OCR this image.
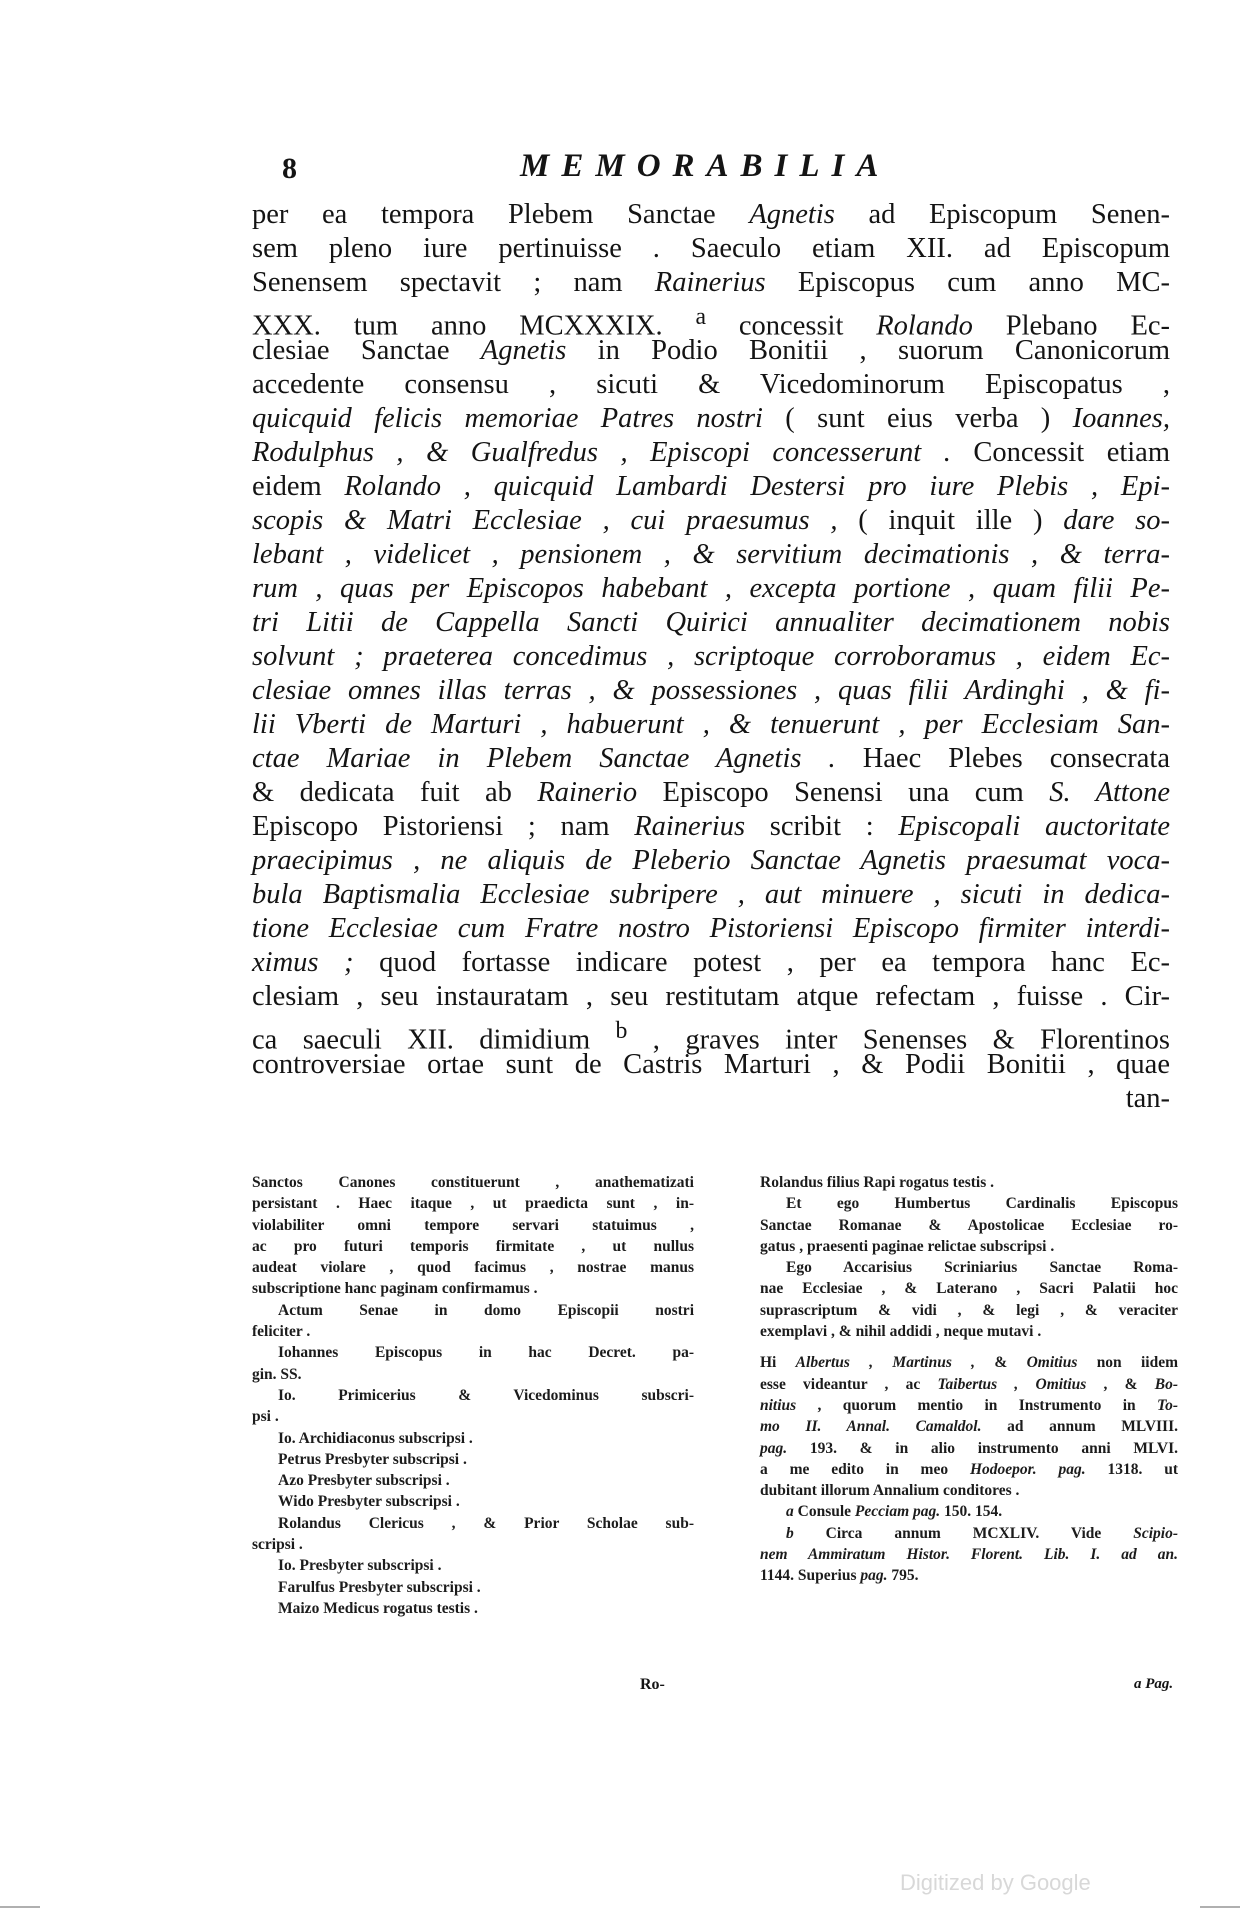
8	MEMORABILIA
per ea tempora Plebem Sanctae Agnetis ad Episcopum Senen-
sem pleno iure pertinuisse . Saeculo etiam XII. ad Episcopum
Senensem spectavit ; nam Rainerius Episcopus cum anno MC-
XXX. tum anno MCXXXIX. $^a$ concessit Rolando Plebano Ec-
clesiae Sanctae Agnetis in Podio Bonitii , suorum Canonicorum
accedente consensu , sicuti & Vicedominorum Episcopatus ,
quicquid felicis memoriae Patres nostri ( sunt eius verba ) Ioannes,
Rodulphus , & Gualfredus , Episcopi concesserunt . Concessit etiam
eidem Rolando , quicquid Lambardi Destersi pro iure Plebis , Epi-
scopis & Matri Ecclesiae , cui praesumus , ( inquit ille ) dare so-
lebant , videlicet , pensionem , & servitium decimationis , & terra-
rum , quas per Episcopos habebant , excepta portione , quam filii Pe-
tri Litii de Cappella Sancti Quirici annualiter decimationem nobis
solvunt ; praeterea concedimus , scriptoque corroboramus , eidem Ec-
clesiae omnes illas terras , & possessiones , quas filii Ardinghi , & fi-
lii Vberti de Marturi , habuerunt , & tenuerunt , per Ecclesiam San-
ctae Mariae in Plebem Sanctae Agnetis . Haec Plebes consecrata
& dedicata fuit ab Rainerio Episcopo Senensi una cum S. Attone
Episcopo Pistoriensi ; nam Rainerius scribit : Episcopali auctoritate
praecipimus , ne aliquis de Pleberio Sanctae Agnetis praesumat voca-
bula Baptismalia Ecclesiae subripere , aut minuere , sicuti in dedica-
tione Ecclesiae cum Fratre nostro Pistoriensi Episcopo firmiter interdi-
ximus ; quod fortasse indicare potest , per ea tempora hanc Ec-
clesiam , seu instauratam , seu restitutam atque refectam , fuisse . Cir-
ca saeculi XII. dimidium $^b$ , graves inter Senenses & Florentinos
controversiae ortae sunt de Castris Marturi , & Podii Bonitii , quae
tan-
Sanctos Canones constituerunt , anathematizati
persistant . Haec itaque , ut praedicta sunt , in-
violabiliter omni tempore servari statuimus ,
ac pro futuri temporis firmitate , ut nullus
audeat violare , quod facimus , nostrae manus
subscriptione hanc paginam confirmamus .
Actum Senae in domo Episcopii nostri
feliciter .
Iohannes Episcopus in hac Decret. pa-
gin. SS.
Io. Primicerius & Vicedominus subscri-
psi .
Io. Archidiaconus subscripsi .
Petrus Presbyter subscripsi .
Azo Presbyter subscripsi .
Wido Presbyter subscripsi .
Rolandus Clericus , & Prior Scholae sub-
scripsi .
Io. Presbyter subscripsi .
Farulfus Presbyter subscripsi .
Maizo Medicus rogatus testis .
Rolandus filius Rapi rogatus testis .
Et ego Humbertus Cardinalis Episcopus
Sanctae Romanae & Apostolicae Ecclesiae ro-
gatus , praesenti paginae relictae subscripsi .
Ego Accarisius Scriniarius Sanctae Roma-
nae Ecclesiae , & Laterano , Sacri Palatii hoc
suprascriptum & vidi , & legi , & veraciter
exemplavi , & nihil addidi , neque mutavi .
Hi Albertus , Martinus , & Omitius non iidem
esse videantur , ac Taibertus , Omitius , & Bo-
nitius , quorum mentio in Instrumento in To-
mo II. Annal. Camaldol. ad annum MLVIII.
pag. 193. & in alio instrumento anni MLVI.
a me edito in meo Hodoepor. pag. 1318. ut
dubitant illorum Annalium conditores .
a Consule Pecciam pag. 150. 154.
b Circa annum MCXLIV. Vide Scipio-
nem Ammiratum Histor. Florent. Lib. I. ad an.
1144. Superius pag. 795.
Ro-	a Pag.
Digitized by Google
